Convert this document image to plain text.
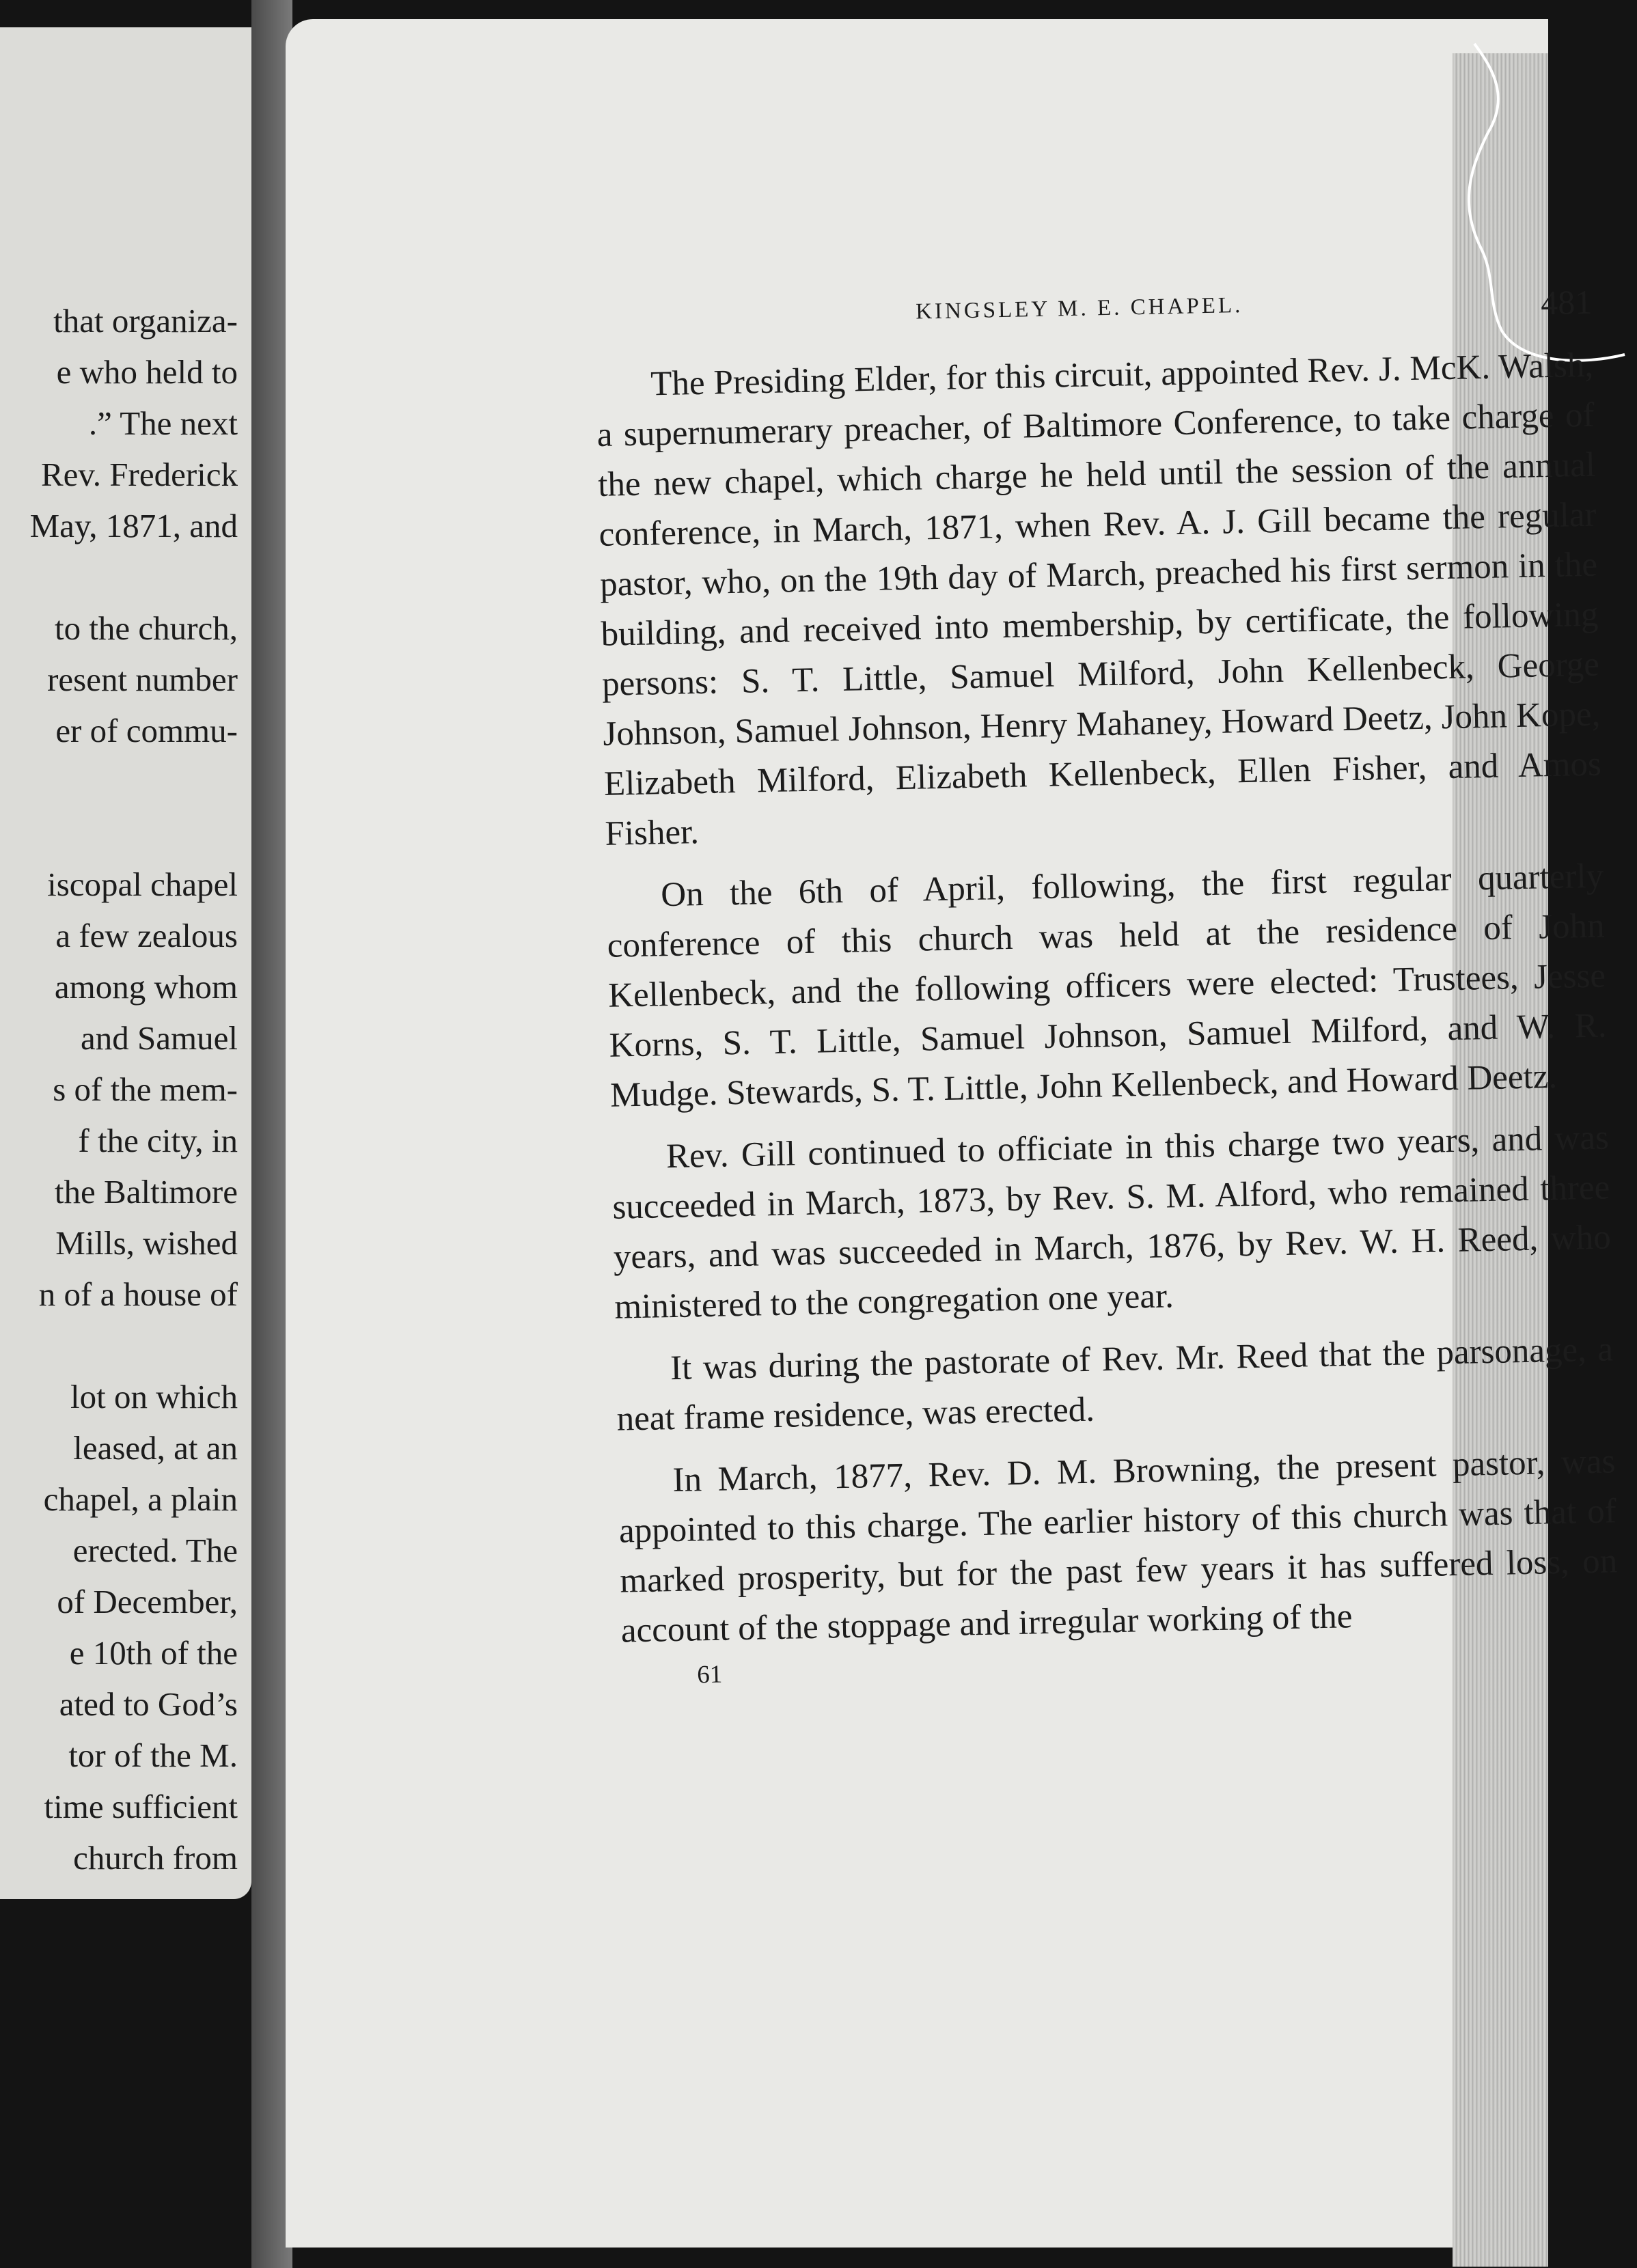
that organiza-
e who held to
.” The next
Rev. Frederick
May, 1871, and
to the church,
resent number
er of commu-
iscopal chapel
a few zealous
among whom
and Samuel
s of the mem-
f the city, in
the Baltimore
Mills, wished
n of a house of
lot on which
leased, at an
chapel, a plain
erected. The
of December,
e 10th of the
ated to God’s
tor of the M.
time sufficient
church from
KINGSLEY M. E. CHAPEL.	481

The Presiding Elder, for this circuit, appointed Rev. J. McK. Walsh, a supernumerary preacher, of Baltimore Conference, to take charge of the new chapel, which charge he held until the session of the annual conference, in March, 1871, when Rev. A. J. Gill became the regular pastor, who, on the 19th day of March, preached his first sermon in the building, and received into membership, by certificate, the following persons: S. T. Little, Samuel Milford, John Kellenbeck, George Johnson, Samuel Johnson, Henry Mahaney, Howard Deetz, John Kope, Elizabeth Milford, Elizabeth Kellenbeck, Ellen Fisher, and Amos Fisher.

On the 6th of April, following, the first regular quarterly conference of this church was held at the residence of John Kellenbeck, and the following officers were elected: Trustees, Jesse Korns, S. T. Little, Samuel Johnson, Samuel Milford, and W. R. Mudge. Stewards, S. T. Little, John Kellenbeck, and Howard Deetz.

Rev. Gill continued to officiate in this charge two years, and was succeeded in March, 1873, by Rev. S. M. Alford, who remained three years, and was succeeded in March, 1876, by Rev. W. H. Reed, who ministered to the congregation one year.

It was during the pastorate of Rev. Mr. Reed that the parsonage, a neat frame residence, was erected.

In March, 1877, Rev. D. M. Browning, the present pastor, was appointed to this charge. The earlier history of this church was that of marked prosperity, but for the past few years it has suffered loss, on account of the stoppage and irregular working of the

61
